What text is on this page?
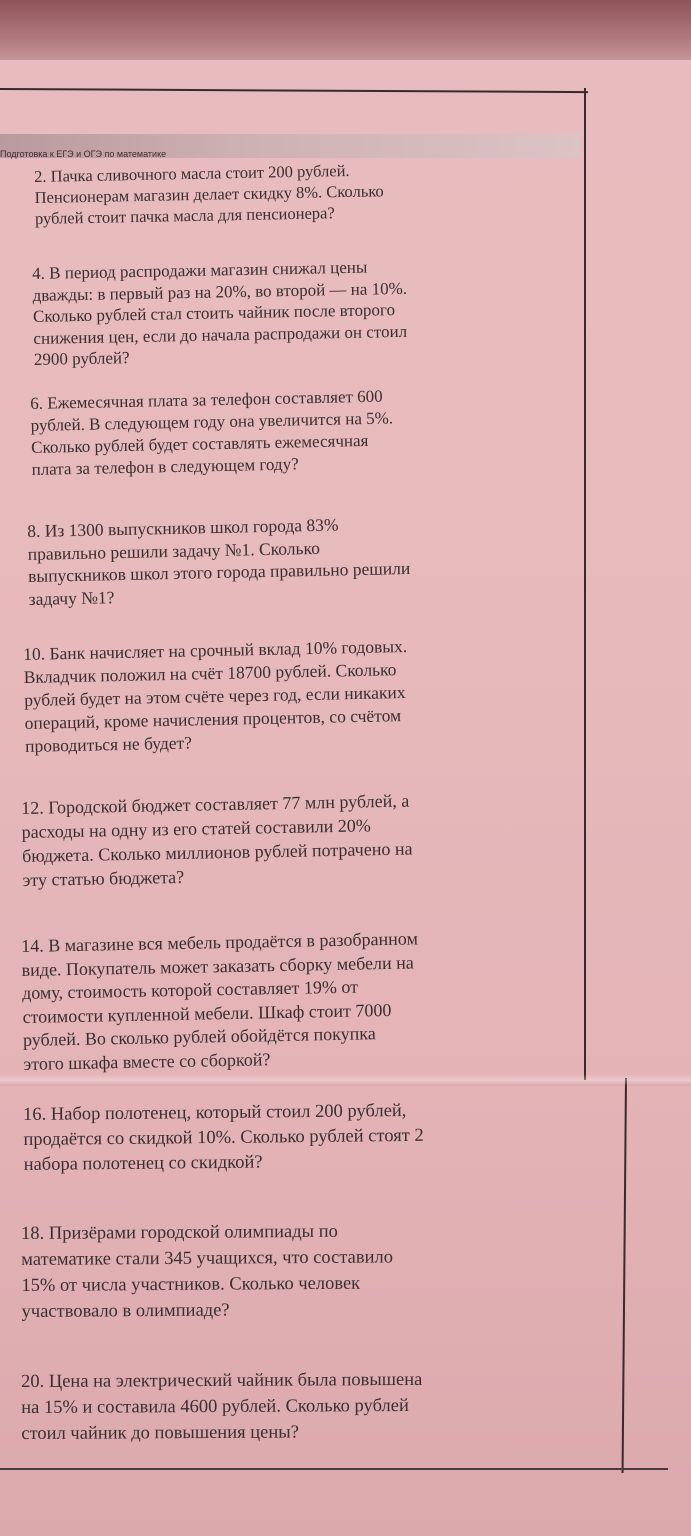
Подготовка к ЕГЭ и ОГЭ по математике

2. Пачка сливочного масла стоит 200 рублей.
Пенсионерам магазин делает скидку 8%. Сколько
рублей стоит пачка масла для пенсионера?

4. В период распродажи магазин снижал цены
дважды: в первый раз на 20%, во второй — на 10%.
Сколько рублей стал стоить чайник после второго
снижения цен, если до начала распродажи он стоил
2900 рублей?

6. Ежемесячная плата за телефон составляет 600
рублей. В следующем году она увеличится на 5%.
Сколько рублей будет составлять ежемесячная
плата за телефон в следующем году?

8. Из 1300 выпускников школ города 83%
правильно решили задачу №1. Сколько
выпускников школ этого города правильно решили
задачу №1?

10. Банк начисляет на срочный вклад 10% годовых.
Вкладчик положил на счёт 18700 рублей. Сколько
рублей будет на этом счёте через год, если никаких
операций, кроме начисления процентов, со счётом
проводиться не будет?

12. Городской бюджет составляет 77 млн рублей, а
расходы на одну из его статей составили 20%
бюджета. Сколько миллионов рублей потрачено на
эту статью бюджета?

14. В магазине вся мебель продаётся в разобранном
виде. Покупатель может заказать сборку мебели на
дому, стоимость которой составляет 19% от
стоимости купленной мебели. Шкаф стоит 7000
рублей. Во сколько рублей обойдётся покупка
этого шкафа вместе со сборкой?

16. Набор полотенец, который стоил 200 рублей,
продаётся со скидкой 10%. Сколько рублей стоят 2
набора полотенец со скидкой?

18. Призёрами городской олимпиады по
математике стали 345 учащихся, что составило
15% от числа участников. Сколько человек
участвовало в олимпиаде?

20. Цена на электрический чайник была повышена
на 15% и составила 4600 рублей. Сколько рублей
стоил чайник до повышения цены?
